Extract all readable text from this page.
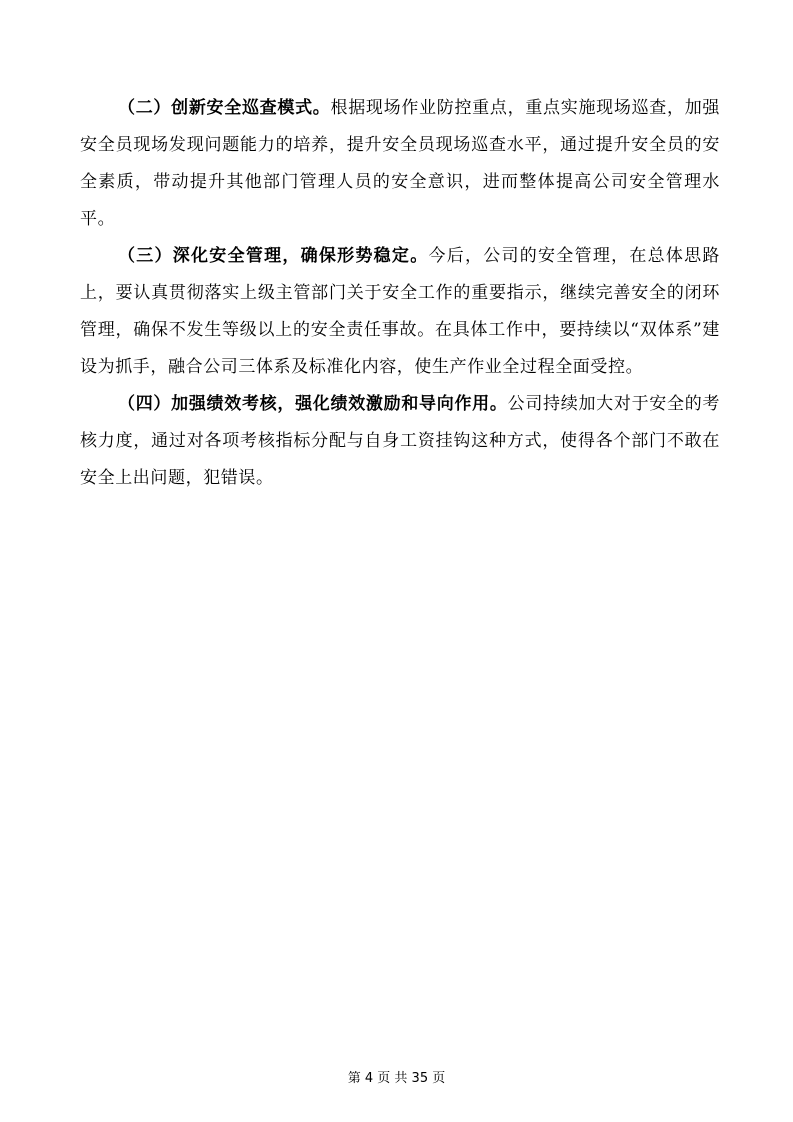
（二）创新安全巡查模式。根据现场作业防控重点，重点实施现场巡查，加强安全员现场发现问题能力的培养，提升安全员现场巡查水平，通过提升安全员的安全素质，带动提升其他部门管理人员的安全意识，进而整体提高公司安全管理水平。

（三）深化安全管理，确保形势稳定。今后，公司的安全管理，在总体思路上，要认真贯彻落实上级主管部门关于安全工作的重要指示，继续完善安全的闭环管理，确保不发生等级以上的安全责任事故。在具体工作中，要持续以“双体系”建设为抓手，融合公司三体系及标准化内容，使生产作业全过程全面受控。

（四）加强绩效考核，强化绩效激励和导向作用。公司持续加大对于安全的考核力度，通过对各项考核指标分配与自身工资挂钩这种方式，使得各个部门不敢在安全上出问题，犯错误。

第 4 页 共 35 页
